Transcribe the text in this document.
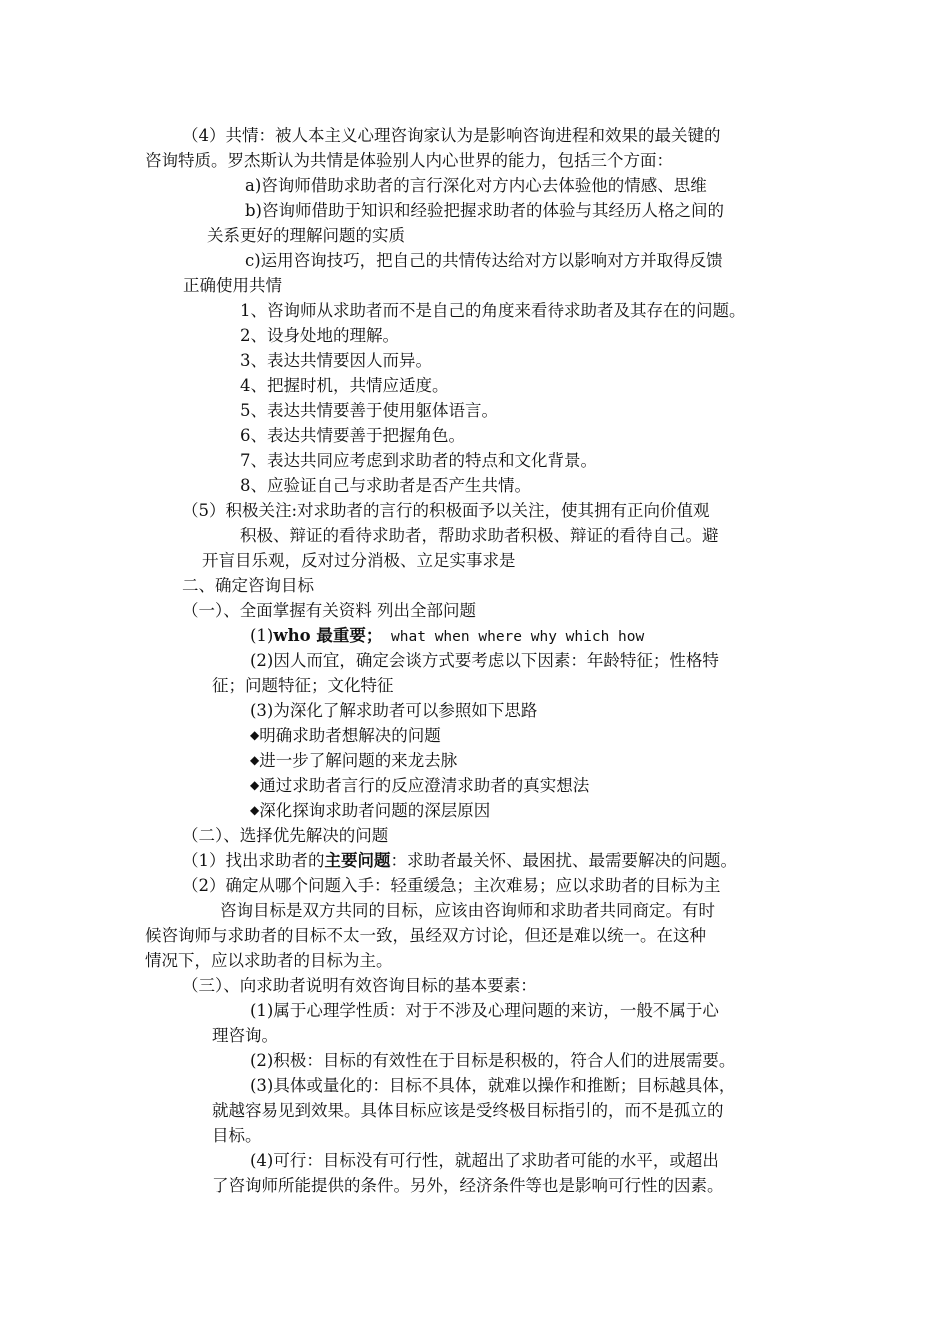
（4）共情：被人本主义心理咨询家认为是影响咨询进程和效果的最关键的
咨询特质。罗杰斯认为共情是体验别人内心世界的能力，包括三个方面：
a)咨询师借助求助者的言行深化对方内心去体验他的情感、思维
b)咨询师借助于知识和经验把握求助者的体验与其经历人格之间的
关系更好的理解问题的实质
c)运用咨询技巧，把自己的共情传达给对方以影响对方并取得反馈
正确使用共情
1、咨询师从求助者而不是自己的角度来看待求助者及其存在的问题。
2、设身处地的理解。
3、表达共情要因人而异。
4、把握时机，共情应适度。
5、表达共情要善于使用躯体语言。
6、表达共情要善于把握角色。
7、表达共同应考虑到求助者的特点和文化背景。
8、应验证自己与求助者是否产生共情。
（5）积极关注:对求助者的言行的积极面予以关注，使其拥有正向价值观
积极、辩证的看待求助者，帮助求助者积极、辩证的看待自己。避
开盲目乐观，反对过分消极、立足实事求是
二、确定咨询目标
（一）、全面掌握有关资料 列出全部问题
(1)who 最重要； what when where why which how
(2)因人而宜，确定会谈方式要考虑以下因素：年龄特征；性格特
征；问题特征；文化特征
(3)为深化了解求助者可以参照如下思路
◆明确求助者想解决的问题
◆进一步了解问题的来龙去脉
◆通过求助者言行的反应澄清求助者的真实想法
◆深化探询求助者问题的深层原因
（二）、选择优先解决的问题
（1）找出求助者的主要问题：求助者最关怀、最困扰、最需要解决的问题。
（2）确定从哪个问题入手：轻重缓急；主次难易；应以求助者的目标为主
咨询目标是双方共同的目标，应该由咨询师和求助者共同商定。有时
候咨询师与求助者的目标不太一致，虽经双方讨论，但还是难以统一。在这种
情况下，应以求助者的目标为主。
（三）、向求助者说明有效咨询目标的基本要素：
(1)属于心理学性质：对于不涉及心理问题的来访，一般不属于心
理咨询。
(2)积极：目标的有效性在于目标是积极的，符合人们的进展需要。
(3)具体或量化的：目标不具体，就难以操作和推断；目标越具体，
就越容易见到效果。具体目标应该是受终极目标指引的，而不是孤立的
目标。
(4)可行：目标没有可行性，就超出了求助者可能的水平，或超出
了咨询师所能提供的条件。另外，经济条件等也是影响可行性的因素。
